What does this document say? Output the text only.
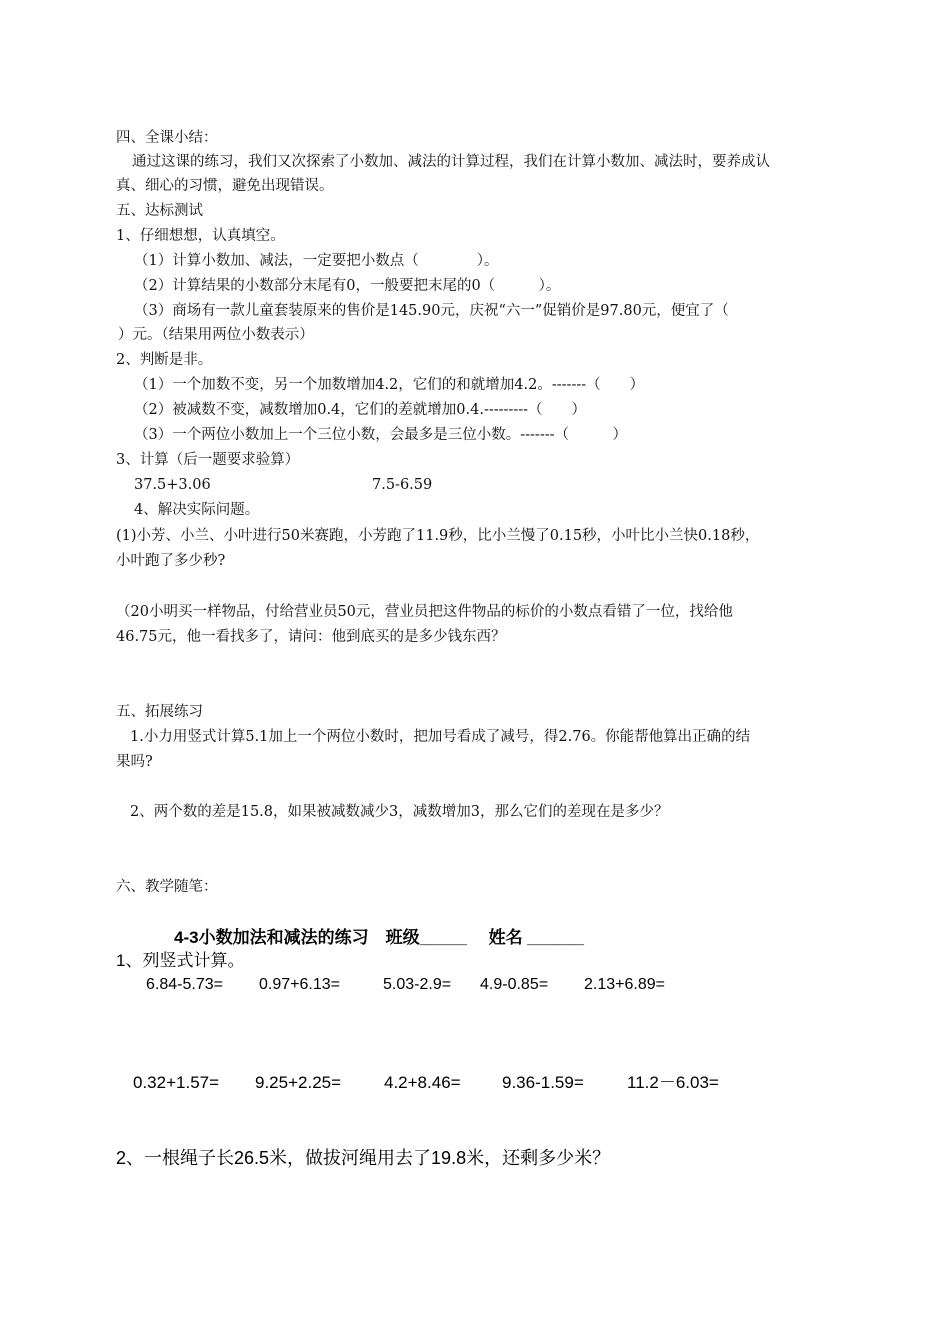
四、全课小结：
通过这课的练习，我们又次探索了小数加、减法的计算过程，我们在计算小数加、减法时，要养成认
真、细心的习惯，避免出现错误。
五、达标测试
1、仔细想想，认真填空。
（1）计算小数加、减法，一定要把小数点（　　　　）。
（2）计算结果的小数部分末尾有0，一般要把末尾的0（　　　）。
（3）商场有一款儿童套装原来的售价是145.90元，庆祝“六一”促销价是97.80元，便宜了（
）元。（结果用两位小数表示）
2、判断是非。
（1）一个加数不变，另一个加数增加4.2，它们的和就增加4.2。-------（　　）
（2）被减数不变，减数增加0.4，它们的差就增加0.4.---------（　　）
（3）一个两位小数加上一个三位小数，会最多是三位小数。-------（　　　）
3、计算（后一题要求验算）
37.5+3.06	7.5-6.59
4、解决实际问题。
(1)小芳、小兰、小叶进行50米赛跑，小芳跑了11.9秒，比小兰慢了0.15秒，小叶比小兰快0.18秒，
小叶跑了多少秒?
（20小明买一样物品，付给营业员50元，营业员把这件物品的标价的小数点看错了一位，找给他
46.75元，他一看找多了，请问：他到底买的是多少钱东西？
五、拓展练习
1.小力用竖式计算5.1加上一个两位小数时，把加号看成了减号，得2.76。你能帮他算出正确的结
果吗?
2、两个数的差是15.8，如果被减数减少3，减数增加3，那么它们的差现在是多少？
六、教学随笔：
4-3小数加法和减法的练习　班级_____　 姓名 ______
1、列竖式计算。
6.84-5.73= 0.97+6.13=	5.03-2.9= 4.9-0.85= 2.13+6.89=
0.32+1.57= 9.25+2.25=	4.2+8.46= 9.36-1.59=	11.2－6.03=
2、一根绳子长26.5米，做拔河绳用去了19.8米，还剩多少米？
